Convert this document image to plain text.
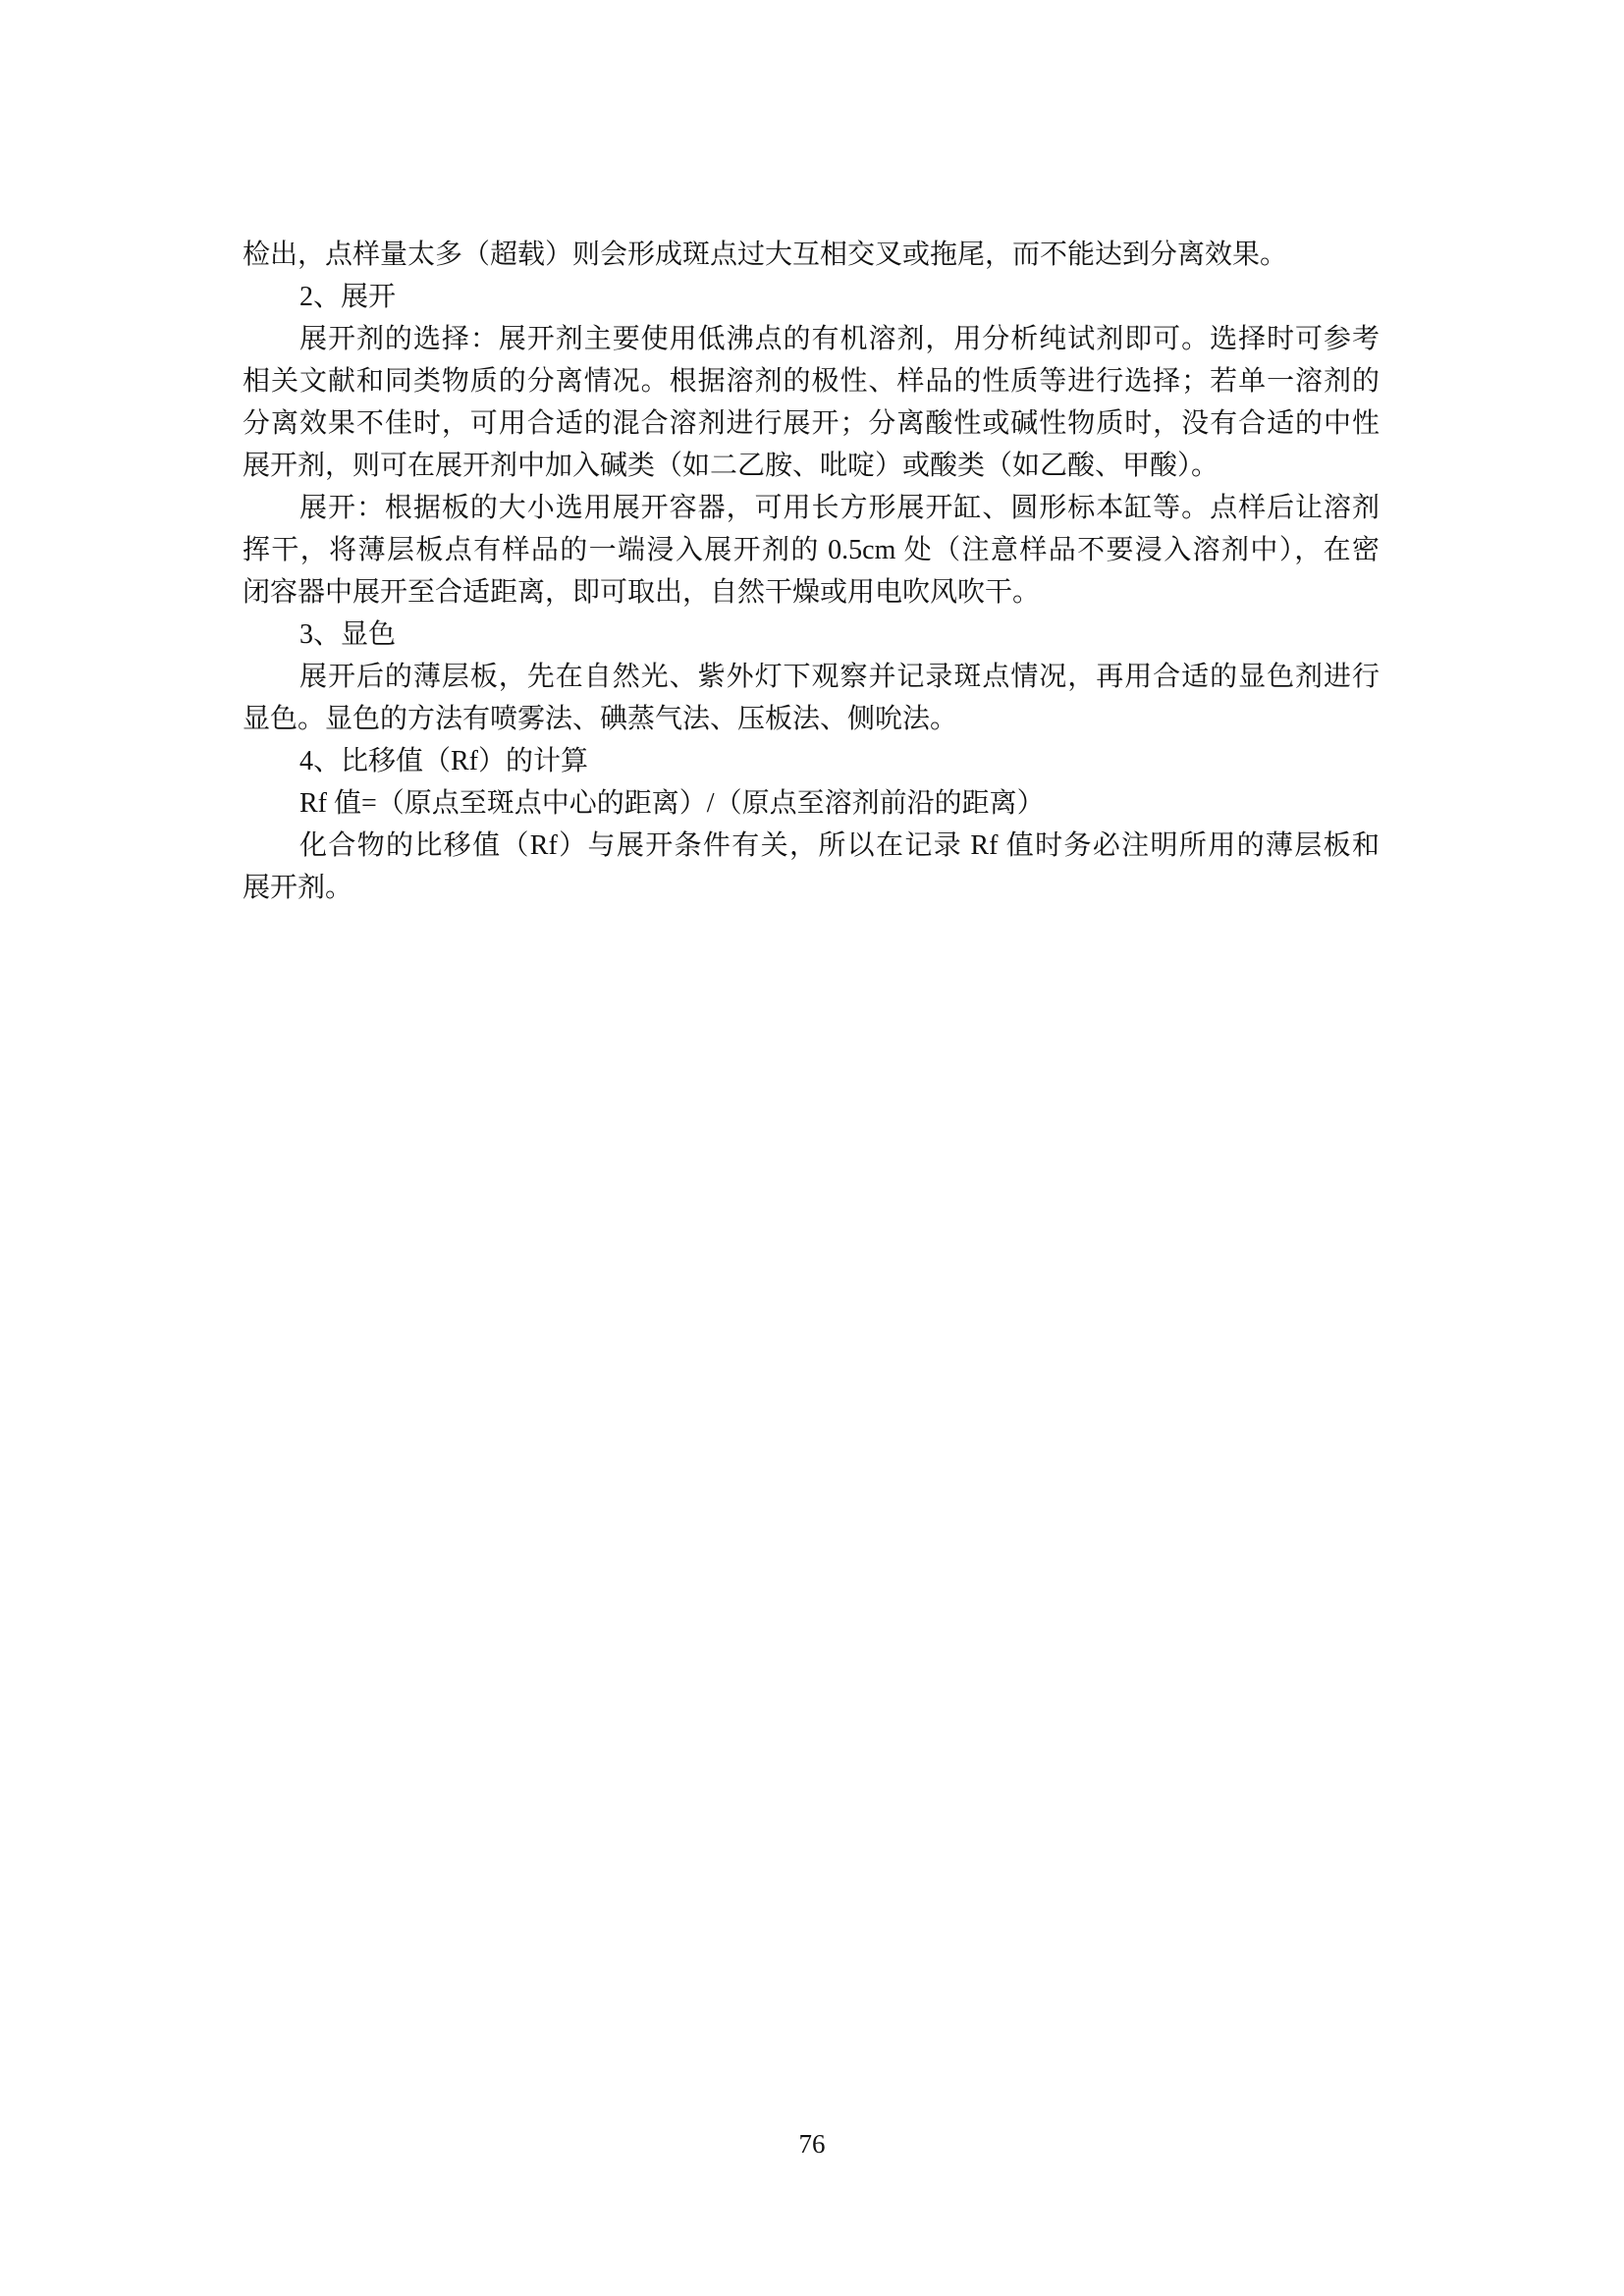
检出，点样量太多（超载）则会形成斑点过大互相交叉或拖尾，而不能达到分离效果。
2、展开
展开剂的选择：展开剂主要使用低沸点的有机溶剂，用分析纯试剂即可。选择时可参考
相关文献和同类物质的分离情况。根据溶剂的极性、样品的性质等进行选择；若单一溶剂的
分离效果不佳时，可用合适的混合溶剂进行展开；分离酸性或碱性物质时，没有合适的中性
展开剂，则可在展开剂中加入碱类（如二乙胺、吡啶）或酸类（如乙酸、甲酸）。
展开：根据板的大小选用展开容器，可用长方形展开缸、圆形标本缸等。点样后让溶剂
挥干，将薄层板点有样品的一端浸入展开剂的 0.5cm 处（注意样品不要浸入溶剂中），在密
闭容器中展开至合适距离，即可取出，自然干燥或用电吹风吹干。
3、显色
展开后的薄层板，先在自然光、紫外灯下观察并记录斑点情况，再用合适的显色剂进行
显色。显色的方法有喷雾法、碘蒸气法、压板法、侧吮法。
4、比移值（Rf）的计算
Rf 值=（原点至斑点中心的距离）/（原点至溶剂前沿的距离）
化合物的比移值（Rf）与展开条件有关，所以在记录 Rf 值时务必注明所用的薄层板和
展开剂。
76
